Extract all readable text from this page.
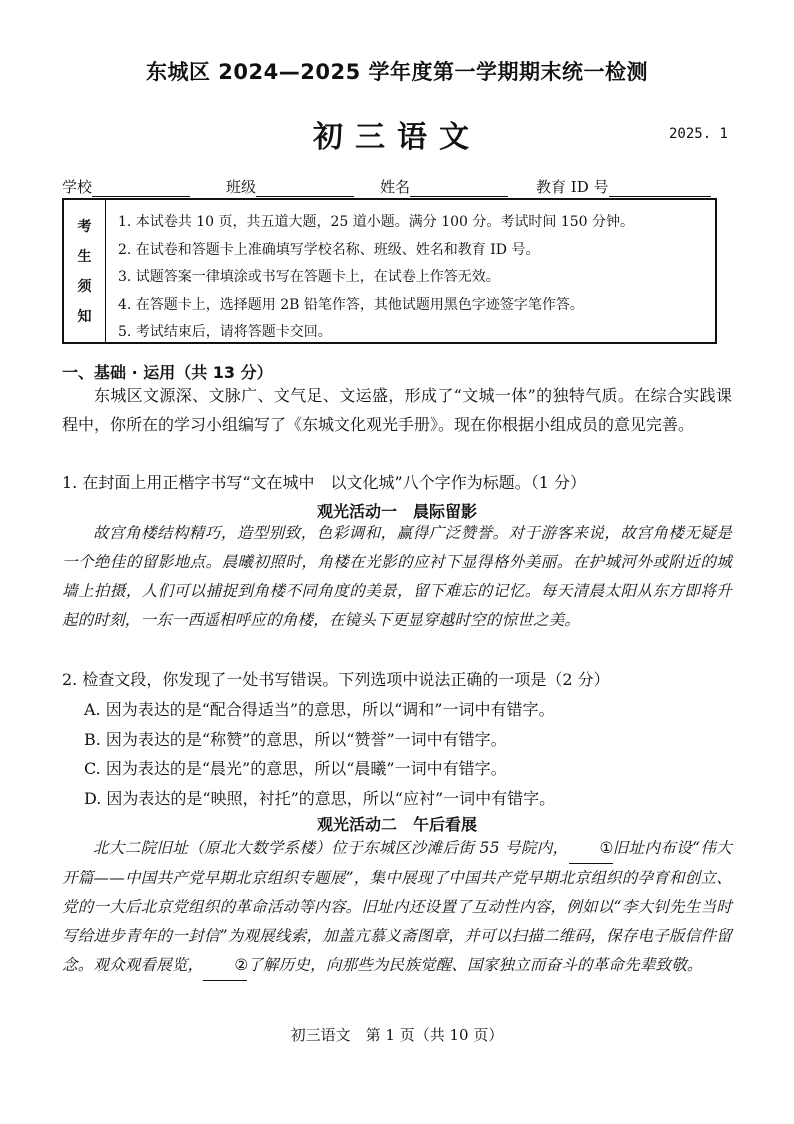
东城区 2024—2025 学年度第一学期期末统一检测
初三语文	2025. 1
学校	班级	姓名	教育 ID 号
考
生
须
知
1. 本试卷共 10 页，共五道大题，25 道小题。满分 100 分。考试时间 150 分钟。
2. 在试卷和答题卡上准确填写学校名称、班级、姓名和教育 ID 号。
3. 试题答案一律填涂或书写在答题卡上，在试卷上作答无效。
4. 在答题卡上，选择题用 2B 铅笔作答，其他试题用黑色字迹签字笔作答。
5. 考试结束后，请将答题卡交回。
一、基础 · 运用（共 13 分）
东城区文源深、文脉广、文气足、文运盛，形成了“文城一体”的独特气质。在综合实践课程中，你所在的学习小组编写了《东城文化观光手册》。现在你根据小组成员的意见完善。
1. 在封面上用正楷字书写“文在城中　以文化城”八个字作为标题。（1 分）
观光活动一　晨际留影
故宫角楼结构精巧，造型别致，色彩调和，赢得广泛赞誉。对于游客来说，故宫角楼无疑是一个绝佳的留影地点。晨曦初照时，角楼在光影的应衬下显得格外美丽。在护城河外或附近的城墙上拍摄，人们可以捕捉到角楼不同角度的美景，留下难忘的记忆。每天清晨太阳从东方即将升起的时刻，一东一西遥相呼应的角楼，在镜头下更显穿越时空的惊世之美。
2. 检查文段，你发现了一处书写错误。下列选项中说法正确的一项是（2 分）
A. 因为表达的是“配合得适当”的意思，所以“调和”一词中有错字。
B. 因为表达的是“称赞”的意思，所以“赞誉”一词中有错字。
C. 因为表达的是“晨光”的意思，所以“晨曦”一词中有错字。
D. 因为表达的是“映照，衬托”的意思，所以“应衬”一词中有错字。
观光活动二　午后看展
北大二院旧址（原北大数学系楼）位于东城区沙滩后街 55 号院内， ①旧址内布设“伟大开篇——中国共产党早期北京组织专题展”，集中展现了中国共产党早期北京组织的孕育和创立、党的一大后北京党组织的革命活动等内容。旧址内还设置了互动性内容，例如以“李大钊先生当时写给进步青年的一封信”为观展线索，加盖亢慕义斋图章，并可以扫描二维码，保存电子版信件留念。观众观看展览， ②了解历史，向那些为民族觉醒、国家独立而奋斗的革命先辈致敬。
初三语文　第 1 页（共 10 页）
